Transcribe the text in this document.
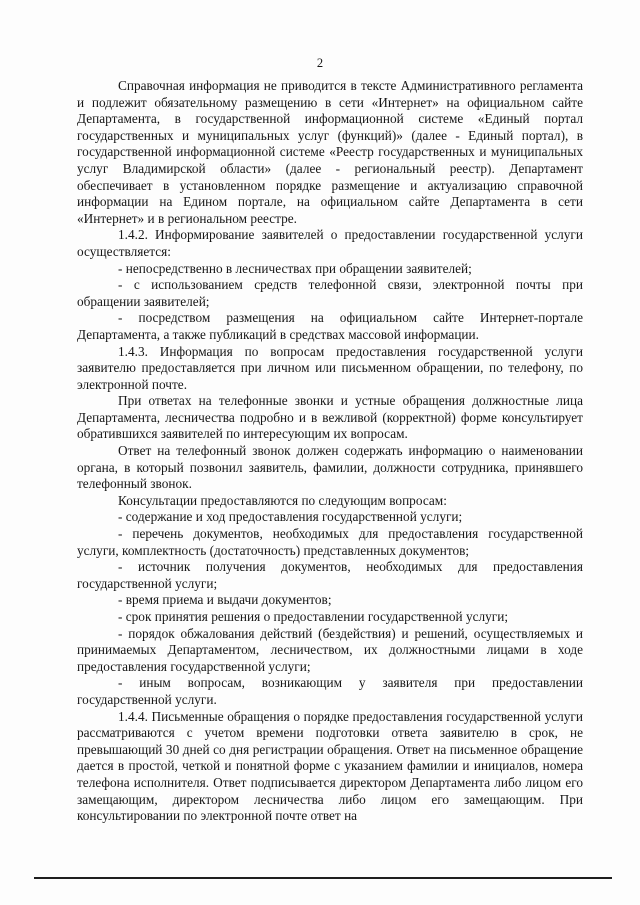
2

Справочная информация не приводится в тексте Административного регламента и подлежит обязательному размещению в сети «Интернет» на официальном сайте Департамента, в государственной информационной системе «Единый портал государственных и муниципальных услуг (функций)» (далее - Единый портал), в государственной информационной системе «Реестр государственных и муниципальных услуг Владимирской области» (далее - региональный реестр). Департамент обеспечивает в установленном порядке размещение и актуализацию справочной информации на Едином портале, на официальном сайте Департамента в сети «Интернет» и в региональном реестре.

1.4.2. Информирование заявителей о предоставлении государственной услуги осуществляется:

- непосредственно в лесничествах при обращении заявителей;

- с использованием средств телефонной связи, электронной почты при обращении заявителей;

- посредством размещения на официальном сайте Интернет-портале Департамента, а также публикаций в средствах массовой информации.

1.4.3. Информация по вопросам предоставления государственной услуги заявителю предоставляется при личном или письменном обращении, по телефону, по электронной почте.

При ответах на телефонные звонки и устные обращения должностные лица Департамента, лесничества подробно и в вежливой (корректной) форме консультирует обратившихся заявителей по интересующим их вопросам.

Ответ на телефонный звонок должен содержать информацию о наименовании органа, в который позвонил заявитель, фамилии, должности сотрудника, принявшего телефонный звонок.

Консультации предоставляются по следующим вопросам:

- содержание и ход предоставления государственной услуги;

- перечень документов, необходимых для предоставления государственной услуги, комплектность (достаточность) представленных документов;

- источник получения документов, необходимых для предоставления государственной услуги;

- время приема и выдачи документов;

- срок принятия решения о предоставлении государственной услуги;

- порядок обжалования действий (бездействия) и решений, осуществляемых и принимаемых Департаментом, лесничеством, их должностными лицами в ходе предоставления государственной услуги;

- иным вопросам, возникающим у заявителя при предоставлении государственной услуги.

1.4.4. Письменные обращения о порядке предоставления государственной услуги рассматриваются с учетом времени подготовки ответа заявителю в срок, не превышающий 30 дней со дня регистрации обращения. Ответ на письменное обращение дается в простой, четкой и понятной форме с указанием фамилии и инициалов, номера телефона исполнителя. Ответ подписывается директором Департамента либо лицом его замещающим, директором лесничества либо лицом его замещающим. При консультировании по электронной почте ответ на
